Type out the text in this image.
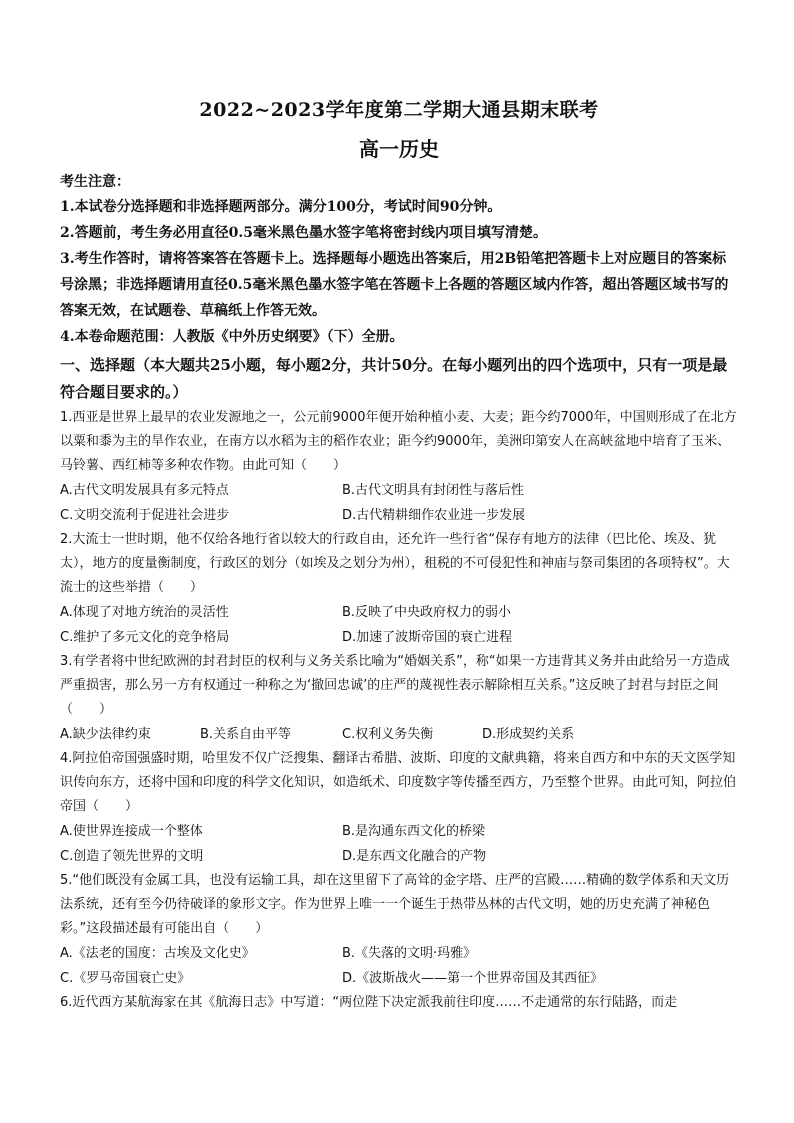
2022~2023学年度第二学期大通县期末联考
高一历史

考生注意：

1.本试卷分选择题和非选择题两部分。满分100分，考试时间90分钟。

2.答题前，考生务必用直径0.5毫米黑色墨水签字笔将密封线内项目填写清楚。

3.考生作答时，请将答案答在答题卡上。选择题每小题选出答案后，用2B铅笔把答题卡上对应题目的答案标号涂黑；非选择题请用直径0.5毫米黑色墨水签字笔在答题卡上各题的答题区域内作答，超出答题区域书写的答案无效，在试题卷、草稿纸上作答无效。

4.本卷命题范围：人教版《中外历史纲要》（下）全册。

一、选择题（本大题共25小题，每小题2分，共计50分。在每小题列出的四个选项中，只有一项是最符合题目要求的。）

1.西亚是世界上最早的农业发源地之一，公元前9000年便开始种植小麦、大麦；距今约7000年，中国则形成了在北方以粟和黍为主的旱作农业，在南方以水稻为主的稻作农业；距今约9000年，美洲印第安人在高峡盆地中培育了玉米、马铃薯、西红柿等多种农作物。由此可知（　　）

A.古代文明发展具有多元特点	B.古代文明具有封闭性与落后性
C.文明交流利于促进社会进步	D.古代精耕细作农业进一步发展

2.大流士一世时期，他不仅给各地行省以较大的行政自由，还允许一些行省“保存有地方的法律（巴比伦、埃及、犹太），地方的度量衡制度，行政区的划分（如埃及之划分为州），租税的不可侵犯性和神庙与祭司集团的各项特权”。大流士的这些举措（　　）

A.体现了对地方统治的灵活性	B.反映了中央政府权力的弱小
C.维护了多元文化的竞争格局	D.加速了波斯帝国的衰亡进程

3.有学者将中世纪欧洲的封君封臣的权利与义务关系比喻为“婚姻关系”，称“如果一方违背其义务并由此给另一方造成严重损害，那么另一方有权通过一种称之为‘撤回忠诚’的庄严的蔑视性表示解除相互关系。”这反映了封君与封臣之间（　　）

A.缺少法律约束	B.关系自由平等	C.权利义务失衡	D.形成契约关系

4.阿拉伯帝国强盛时期，哈里发不仅广泛搜集、翻译古希腊、波斯、印度的文献典籍，将来自西方和中东的天文医学知识传向东方，还将中国和印度的科学文化知识，如造纸术、印度数字等传播至西方，乃至整个世界。由此可知，阿拉伯帝国（　　）

A.使世界连接成一个整体	B.是沟通东西文化的桥梁
C.创造了领先世界的文明	D.是东西文化融合的产物

5.“他们既没有金属工具，也没有运输工具，却在这里留下了高耸的金字塔、庄严的宫殿……精确的数学体系和天文历法系统，还有至今仍待破译的象形文字。作为世界上唯一一个诞生于热带丛林的古代文明，她的历史充满了神秘色彩。”这段描述最有可能出自（　　）

A.《法老的国度：古埃及文化史》	B.《失落的文明·玛雅》
C.《罗马帝国衰亡史》	D.《波斯战火——第一个世界帝国及其西征》

6.近代西方某航海家在其《航海日志》中写道：“两位陛下决定派我前往印度……不走通常的东行陆路，而走
